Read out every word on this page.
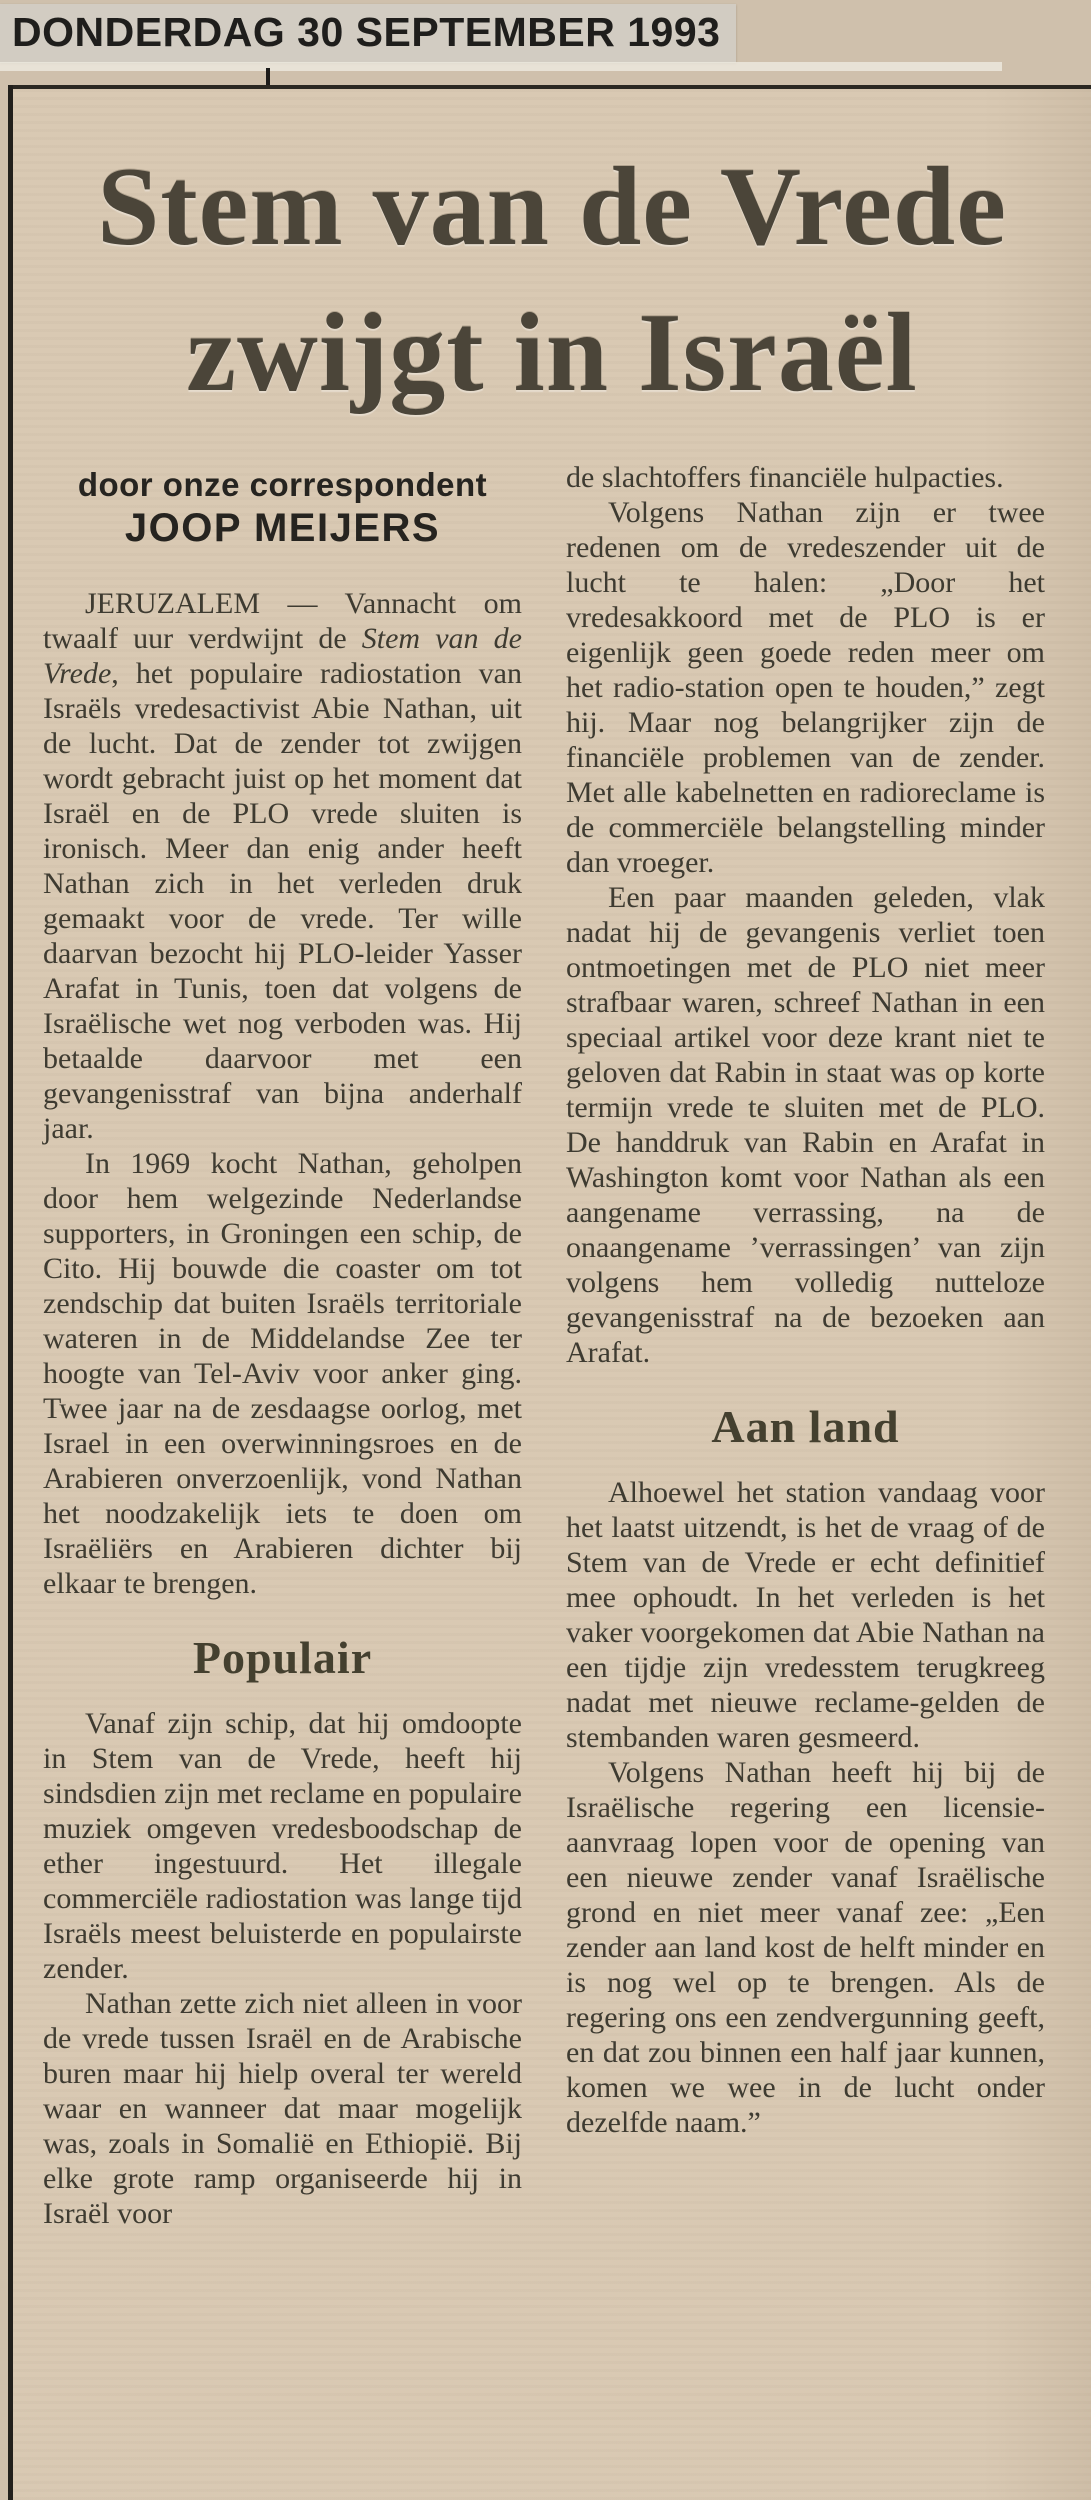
DONDERDAG 30 SEPTEMBER 1993
Stem van de Vrede
zwijgt in Israël
door onze correspondent
JOOP MEIJERS

JERUZALEM — Vannacht om twaalf uur verdwijnt de Stem van de Vrede, het populaire radiostation van Israëls vredesactivist Abie Nathan, uit de lucht. Dat de zender tot zwijgen wordt gebracht juist op het moment dat Israël en de PLO vrede sluiten is ironisch. Meer dan enig ander heeft Nathan zich in het verleden druk gemaakt voor de vrede. Ter wille daarvan bezocht hij PLO-leider Yasser Arafat in Tunis, toen dat volgens de Israëlische wet nog verboden was. Hij betaalde daarvoor met een gevangenisstraf van bijna anderhalf jaar.

In 1969 kocht Nathan, geholpen door hem welgezinde Nederlandse supporters, in Groningen een schip, de Cito. Hij bouwde die coaster om tot zendschip dat buiten Israëls territoriale wateren in de Middelandse Zee ter hoogte van Tel-Aviv voor anker ging. Twee jaar na de zesdaagse oorlog, met Israel in een overwinningsroes en de Arabieren onverzoenlijk, vond Nathan het noodzakelijk iets te doen om Israëliërs en Arabieren dichter bij elkaar te brengen.

Populair

Vanaf zijn schip, dat hij omdoopte in Stem van de Vrede, heeft hij sindsdien zijn met reclame en populaire muziek omgeven vredesboodschap de ether ingestuurd. Het illegale commerciële radiostation was lange tijd Israëls meest beluisterde en populairste zender.

Nathan zette zich niet alleen in voor de vrede tussen Israël en de Arabische buren maar hij hielp overal ter wereld waar en wanneer dat maar mogelijk was, zoals in Somalië en Ethiopië. Bij elke grote ramp organiseerde hij in Israël voor

de slachtoffers financiële hulpacties.

Volgens Nathan zijn er twee redenen om de vredeszender uit de lucht te halen: „Door het vredesakkoord met de PLO is er eigenlijk geen goede reden meer om het radio-station open te houden,” zegt hij. Maar nog belangrijker zijn de financiële problemen van de zender. Met alle kabelnetten en radioreclame is de commerciële belangstelling minder dan vroeger.

Een paar maanden geleden, vlak nadat hij de gevangenis verliet toen ontmoetingen met de PLO niet meer strafbaar waren, schreef Nathan in een speciaal artikel voor deze krant niet te geloven dat Rabin in staat was op korte termijn vrede te sluiten met de PLO. De handdruk van Rabin en Arafat in Washington komt voor Nathan als een aangename verrassing, na de onaangename ’verrassingen’ van zijn volgens hem volledig nutteloze gevangenisstraf na de bezoeken aan Arafat.

Aan land

Alhoewel het station vandaag voor het laatst uitzendt, is het de vraag of de Stem van de Vrede er echt definitief mee ophoudt. In het verleden is het vaker voorgekomen dat Abie Nathan na een tijdje zijn vredesstem terugkreeg nadat met nieuwe reclame-gelden de stembanden waren gesmeerd.

Volgens Nathan heeft hij bij de Israëlische regering een licensie-aanvraag lopen voor de opening van een nieuwe zender vanaf Israëlische grond en niet meer vanaf zee: „Een zender aan land kost de helft minder en is nog wel op te brengen. Als de regering ons een zendvergunning geeft, en dat zou binnen een half jaar kunnen, komen we wee in de lucht onder dezelfde naam.”
